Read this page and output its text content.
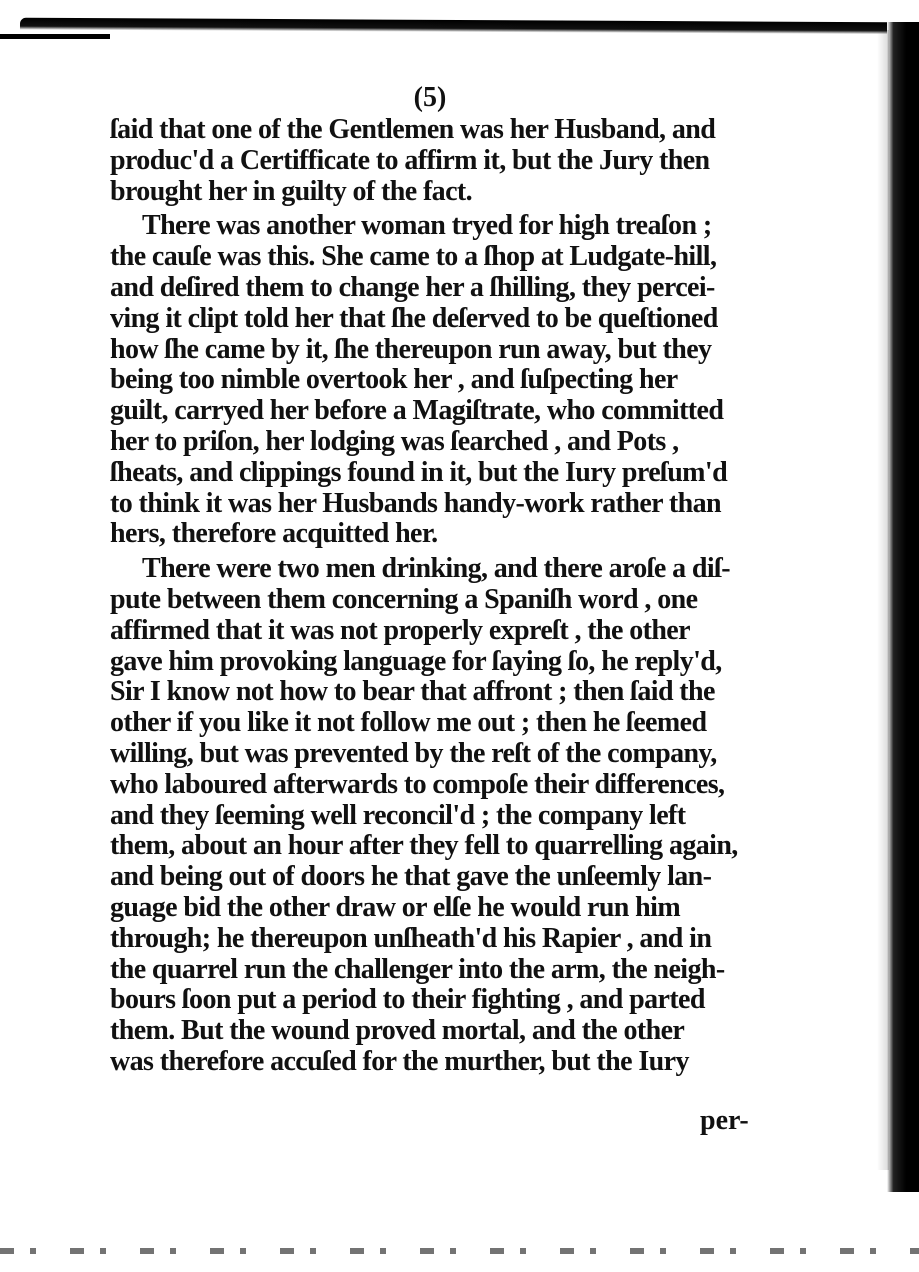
(5)
ſaid that one of the Gentlemen was her Husband, and
produc'd a Certifficate to affirm it, but the Jury then
brought her in guilty of the fact.
There was another woman tryed for high treaſon ;
the cauſe was this. She came to a ſhop at Ludgate-hill,
and deſired them to change her a ſhilling, they percei-
ving it clipt told her that ſhe deſerved to be queſtioned
how ſhe came by it, ſhe thereupon run away, but they
being too nimble overtook her , and ſuſpecting her
guilt, carryed her before a Magiſtrate, who committed
her to priſon, her lodging was ſearched , and Pots ,
ſheats, and clippings found in it, but the Iury preſum'd
to think it was her Husbands handy-work rather than
hers, therefore acquitted her.
There were two men drinking, and there aroſe a diſ-
pute between them concerning a Spaniſh word , one
affirmed that it was not properly expreſt , the other
gave him provoking language for ſaying ſo, he reply'd,
Sir I know not how to bear that affront ; then ſaid the
other if you like it not follow me out ; then he ſeemed
willing, but was prevented by the reſt of the company,
who laboured afterwards to compoſe their differences,
and they ſeeming well reconcil'd ; the company left
them, about an hour after they fell to quarrelling again,
and being out of doors he that gave the unſeemly lan-
guage bid the other draw or elſe he would run him
through; he thereupon unſheath'd his Rapier , and in
the quarrel run the challenger into the arm, the neigh-
bours ſoon put a period to their fighting , and parted
them. But the wound proved mortal, and the other
was therefore accuſed for the murther, but the Iury
per-
